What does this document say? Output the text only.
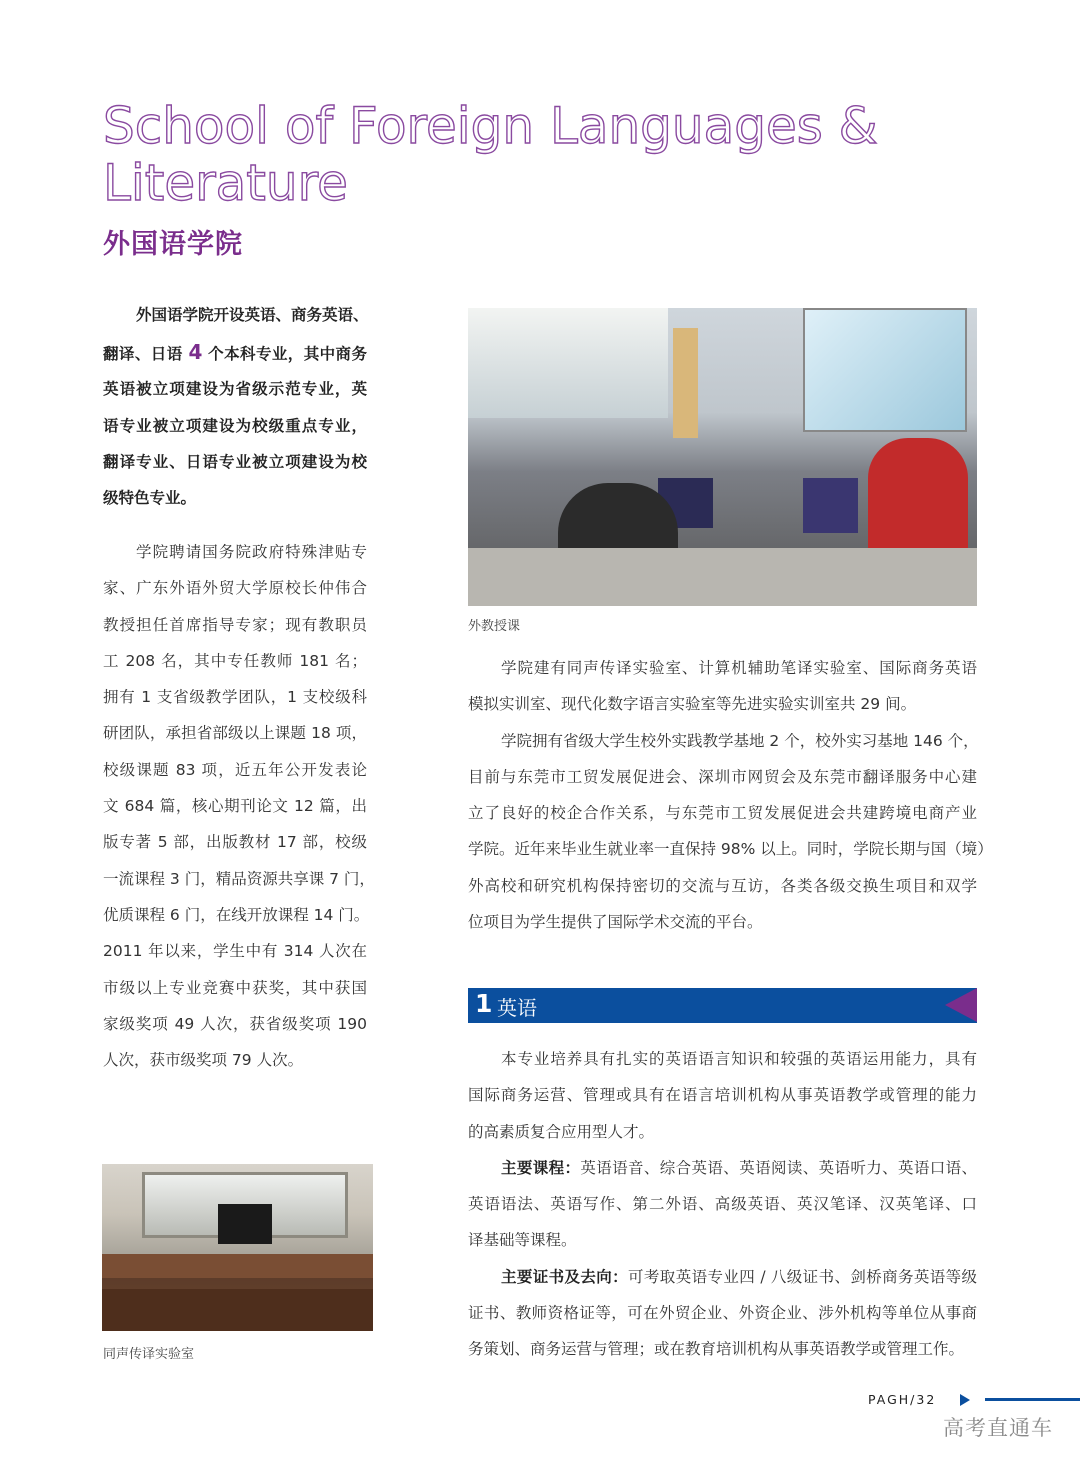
School of Foreign Languages &
Literature
外国语学院
外国语学院开设英语、商务英语、
翻译、日语 4 个本科专业，其中商务
英语被立项建设为省级示范专业，英
语专业被立项建设为校级重点专业，
翻译专业、日语专业被立项建设为校
级特色专业。
学院聘请国务院政府特殊津贴专
家、广东外语外贸大学原校长仲伟合
教授担任首席指导专家；现有教职员
工 208 名，其中专任教师 181 名；
拥有 1 支省级教学团队，1 支校级科
研团队，承担省部级以上课题 18 项，
校级课题 83 项，近五年公开发表论
文 684 篇，核心期刊论文 12 篇，出
版专著 5 部，出版教材 17 部，校级
一流课程 3 门，精品资源共享课 7 门，
优质课程 6 门，在线开放课程 14 门。
2011 年以来，学生中有 314 人次在
市级以上专业竞赛中获奖，其中获国
家级奖项 49 人次，获省级奖项 190
人次，获市级奖项 79 人次。
同声传译实验室
外教授课
学院建有同声传译实验室、计算机辅助笔译实验室、国际商务英语
模拟实训室、现代化数字语言实验室等先进实验实训室共 29 间。
学院拥有省级大学生校外实践教学基地 2 个，校外实习基地 146 个，
目前与东莞市工贸发展促进会、深圳市网贸会及东莞市翻译服务中心建
立了良好的校企合作关系，与东莞市工贸发展促进会共建跨境电商产业
学院。近年来毕业生就业率一直保持 98% 以上。同时，学院长期与国（境）
外高校和研究机构保持密切的交流与互访，各类各级交换生项目和双学
位项目为学生提供了国际学术交流的平台。
1 英语
本专业培养具有扎实的英语语言知识和较强的英语运用能力，具有
国际商务运营、管理或具有在语言培训机构从事英语教学或管理的能力
的高素质复合应用型人才。
主要课程：英语语音、综合英语、英语阅读、英语听力、英语口语、
英语语法、英语写作、第二外语、高级英语、英汉笔译、汉英笔译、口
译基础等课程。
主要证书及去向：可考取英语专业四 / 八级证书、剑桥商务英语等级
证书、教师资格证等，可在外贸企业、外资企业、涉外机构等单位从事商
务策划、商务运营与管理；或在教育培训机构从事英语教学或管理工作。
PAGH/32
高考直通车
